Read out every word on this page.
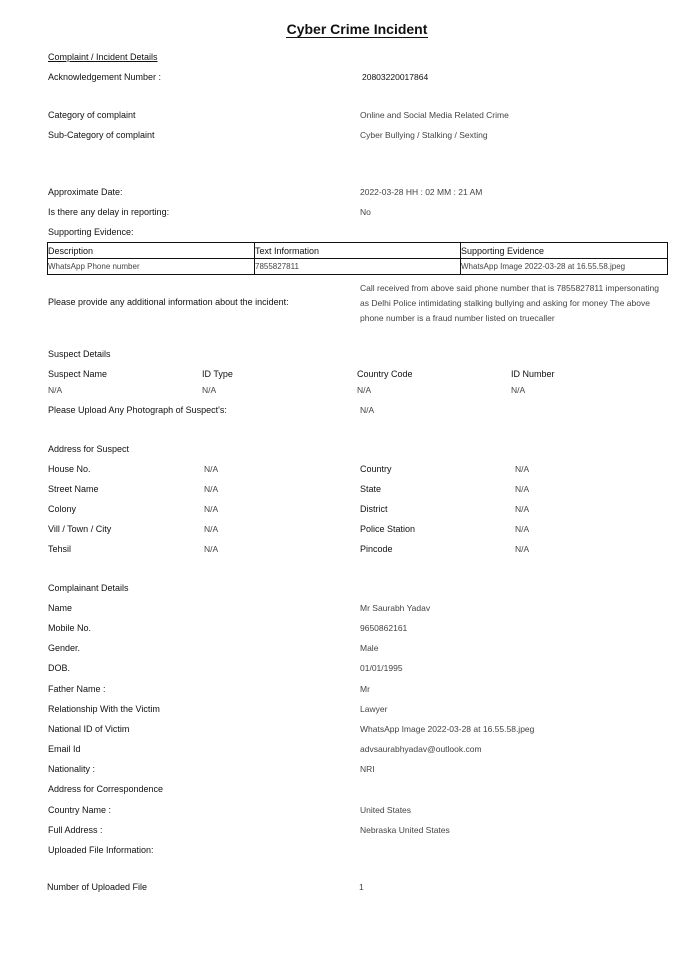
Cyber Crime Incident
Complaint / Incident Details
Acknowledgement Number :	20803220017864
Category of complaint	Online and Social Media Related Crime
Sub-Category of complaint	Cyber Bullying / Stalking / Sexting
Approximate Date:	2022-03-28 HH : 02 MM : 21 AM
Is there any delay in reporting:	No
Supporting Evidence:
Description	Text Information	Supporting Evidence
WhatsApp Phone number	7855827811	WhatsApp Image 2022-03-28 at 16.55.58.jpeg
Please provide any additional information about the incident:
Call received from above said phone number that is 7855827811 impersonating as Delhi Police intimidating stalking bullying and asking for money The above phone number is a fraud number listed on truecaller
Suspect Details
Suspect Name	ID Type	Country Code	ID Number
N/A	N/A	N/A	N/A
Please Upload Any Photograph of Suspect's:	N/A
Address for Suspect
House No.	N/A	Country	N/A
Street Name	N/A	State	N/A
Colony	N/A	District	N/A
Vill / Town / City	N/A	Police Station	N/A
Tehsil	N/A	Pincode	N/A
Complainant Details
Name	Mr Saurabh Yadav
Mobile No.	9650862161
Gender.	Male
DOB.	01/01/1995
Father Name :	Mr
Relationship With the Victim	Lawyer
National ID of Victim	WhatsApp Image 2022-03-28 at 16.55.58.jpeg
Email Id	advsaurabhyadav@outlook.com
Nationality :	NRI
Address for Correspondence
Country Name :	United States
Full Address :	Nebraska United States
Uploaded File Information:
Number of Uploaded File	1
